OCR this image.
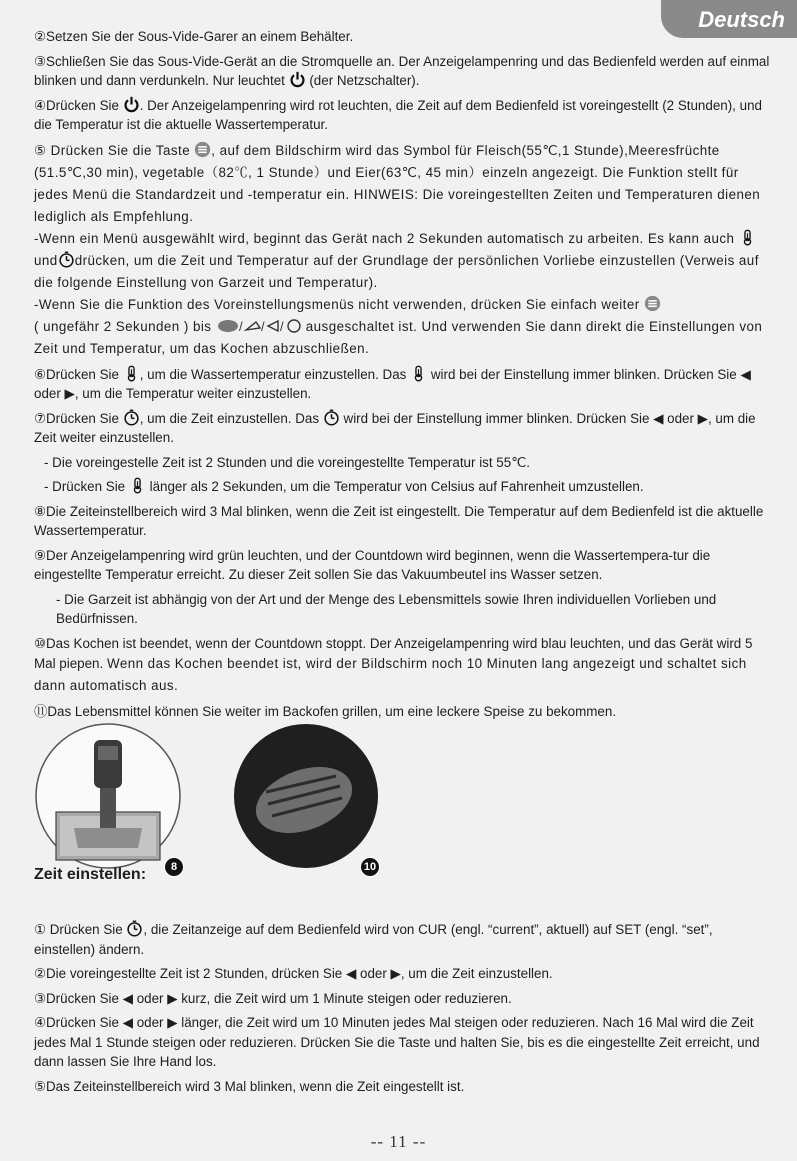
Deutsch

②Setzen Sie der Sous-Vide-Garer an einem Behälter.

③Schließen Sie das Sous-Vide-Gerät an die Stromquelle an. Der Anzeigelampenring und das Bedienfeld werden auf einmal blinken und dann verdunkeln. Nur leuchtet (der Netzschalter).

④Drücken Sie . Der Anzeigelampenring wird rot leuchten, die Zeit auf dem Bedienfeld ist voreingestellt (2 Stunden), und die Temperatur ist die aktuelle Wassertemperatur.

⑤ Drücken Sie die Taste , auf dem Bildschirm wird das Symbol für Fleisch(55℃,1 Stunde),Meeresfrüchte (51.5℃,30 min), vegetable（82℃, 1 Stunde）und Eier(63℃, 45 min）einzeln angezeigt. Die Funktion stellt für jedes Menü die Standardzeit und -temperatur ein. HINWEIS: Die voreingestellten Zeiten und Temperaturen dienen lediglich als Empfehlung.
-Wenn ein Menü ausgewählt wird, beginnt das Gerät nach 2 Sekunden automatisch zu arbeiten. Es kann auch und drücken, um die Zeit und Temperatur auf der Grundlage der persönlichen Vorliebe einzustellen (Verweis auf die folgende Einstellung von Garzeit und Temperatur).
-Wenn Sie die Funktion des Voreinstellungsmenüs nicht verwenden, drücken Sie einfach weiter
( ungefähr 2 Sekunden ) bis / / / ausgeschaltet ist. Und verwenden Sie dann direkt die Einstellungen von Zeit und Temperatur, um das Kochen abzuschließen.

⑥Drücken Sie , um die Wassertemperatur einzustellen. Das wird bei der Einstellung immer blinken. Drücken Sie ◀ oder ▶, um die Temperatur weiter einzustellen.

⑦Drücken Sie , um die Zeit einzustellen. Das wird bei der Einstellung immer blinken. Drücken Sie ◀ oder ▶, um die Zeit weiter einzustellen.

- Die voreingestelle Zeit ist 2 Stunden und die voreingestellte Temperatur ist 55℃.

- Drücken Sie länger als 2 Sekunden, um die Temperatur von Celsius auf Fahrenheit umzustellen.

⑧Die Zeiteinstellbereich wird 3 Mal blinken, wenn die Zeit ist eingestellt. Die Temperatur auf dem Bedienfeld ist die aktuelle Wassertemperatur.

⑨Der Anzeigelampenring wird grün leuchten, und der Countdown wird beginnen, wenn die Wassertempera-tur die eingestellte Temperatur erreicht. Zu dieser Zeit sollen Sie das Vakuumbeutel ins Wasser setzen.

- Die Garzeit ist abhängig von der Art und der Menge des Lebensmittels sowie Ihren individuellen Vorlieben und Bedürfnissen.

⑩Das Kochen ist beendet, wenn der Countdown stoppt. Der Anzeigelampenring wird blau leuchten, und das Gerät wird 5 Mal piepen. Wenn das Kochen beendet ist, wird der Bildschirm noch 10 Minuten lang angezeigt und schaltet sich dann automatisch aus.

⑪Das Lebensmittel können Sie weiter im Backofen grillen, um eine leckere Speise zu bekommen.

8	10
Zeit einstellen:

① Drücken Sie , die Zeitanzeige auf dem Bedienfeld wird von CUR (engl. “current”, aktuell) auf SET (engl. “set”, einstellen) ändern.

②Die voreingestellte Zeit ist 2 Stunden, drücken Sie ◀ oder ▶, um die Zeit einzustellen.

③Drücken Sie ◀ oder ▶ kurz, die Zeit wird um 1 Minute steigen oder reduzieren.

④Drücken Sie ◀ oder ▶ länger, die Zeit wird um 10 Minuten jedes Mal steigen oder reduzieren. Nach 16 Mal wird die Zeit jedes Mal 1 Stunde steigen oder reduzieren. Drücken Sie die Taste und halten Sie, bis es die eingestellte Zeit erreicht, und dann lassen Sie Ihre Hand los.

⑤Das Zeiteinstellbereich wird 3 Mal blinken, wenn die Zeit eingestellt ist.

-- 11 --
